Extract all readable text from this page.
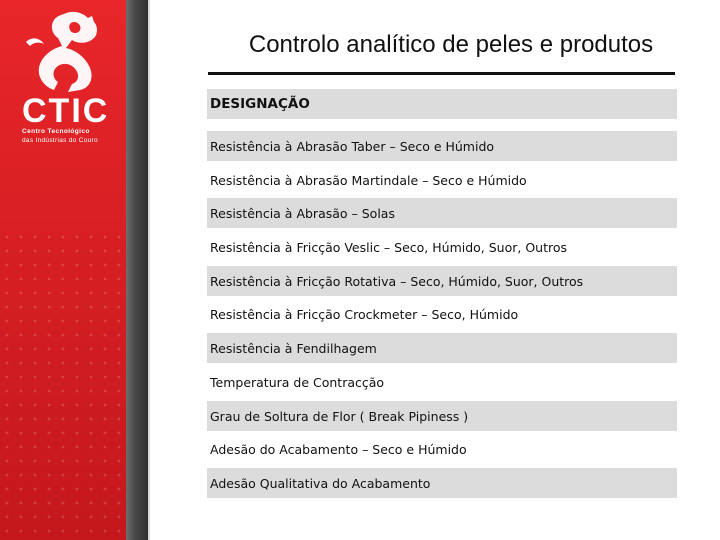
CTIC
Centro Tecnológico
das Indústrias do Couro
Controlo analítico de peles e produtos
DESIGNAÇÃO
Resistência à Abrasão Taber – Seco e Húmido
Resistência à Abrasão Martindale – Seco e Húmido
Resistência à Abrasão – Solas
Resistência à Fricção Veslic – Seco, Húmido, Suor, Outros
Resistência à Fricção Rotativa – Seco, Húmido, Suor, Outros
Resistência à Fricção Crockmeter – Seco, Húmido
Resistência à Fendilhagem
Temperatura de Contracção
Grau de Soltura de Flor ( Break Pipiness )
Adesão do Acabamento – Seco e Húmido
Adesão Qualitativa do Acabamento
